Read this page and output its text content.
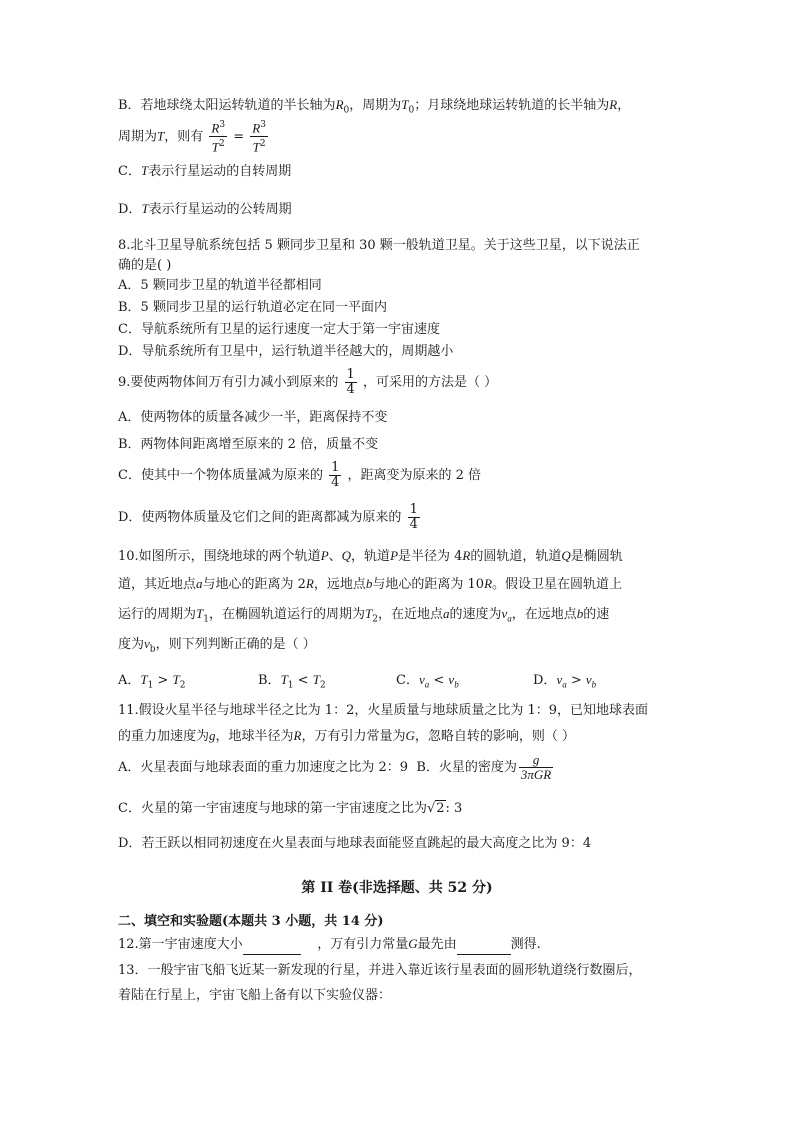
B．若地球绕太阳运转轨道的半长轴为$R_0$，周期为$T_0$；月球绕地球运转轨道的长半轴为R，
周期为T，则有 $\frac{R^3}{T^2} = \frac{R^3}{T^2}$
C．T表示行星运动的自转周期
D．T表示行星运动的公转周期
8.北斗卫星导航系统包括 5 颗同步卫星和 30 颗一般轨道卫星。关于这些卫星，以下说法正
确的是( )
A．5 颗同步卫星的轨道半径都相同
B．5 颗同步卫星的运行轨道必定在同一平面内
C．导航系统所有卫星的运行速度一定大于第一宇宙速度
D．导航系统所有卫星中，运行轨道半径越大的，周期越小
9.要使两物体间万有引力减小到原来的 $\frac{1}{4}$ ，可采用的方法是（ ）
A．使两物体的质量各减少一半，距离保持不变
B．两物体间距离增至原来的 2 倍，质量不变
C．使其中一个物体质量减为原来的 $\frac{1}{4}$ ，距离变为原来的 2 倍
D．使两物体质量及它们之间的距离都减为原来的 $\frac{1}{4}$
10.如图所示，围绕地球的两个轨道P、Q，轨道P是半径为 4R的圆轨道，轨道Q是椭圆轨
道，其近地点a与地心的距离为 2R，远地点b与地心的距离为 10R。假设卫星在圆轨道上
运行的周期为$T_1$，在椭圆轨道运行的周期为$T_2$，在近地点a的速度为$v_a$，在远地点b的速
度为$v_b$，则下列判断正确的是（ ）
A．$T_1 > T_2$	B．$T_1 < T_2$	C．$v_a < v_b$	D．$v_a > v_b$
11.假设火星半径与地球半径之比为 1：2，火星质量与地球质量之比为 1：9，已知地球表面
的重力加速度为g，地球半径为R，万有引力常量为G，忽略自转的影响，则（ ）
A．火星表面与地球表面的重力加速度之比为 2：9 B．火星的密度为 $\frac{g}{\text{3πGR}}$
C．火星的第一宇宙速度与地球的第一宇宙速度之比为√2: 3
D．若王跃以相同初速度在火星表面与地球表面能竖直跳起的最大高度之比为 9：4
第 II 卷(非选择题、共 52 分)
二、填空和实验题(本题共 3 小题，共 14 分)
12.第一宇宙速度大小	，万有引力常量G最先由	测得.
13．一般宇宙飞船飞近某一新发现的行星，并进入靠近该行星表面的圆形轨道绕行数圈后，
着陆在行星上，宇宙飞船上备有以下实验仪器：
